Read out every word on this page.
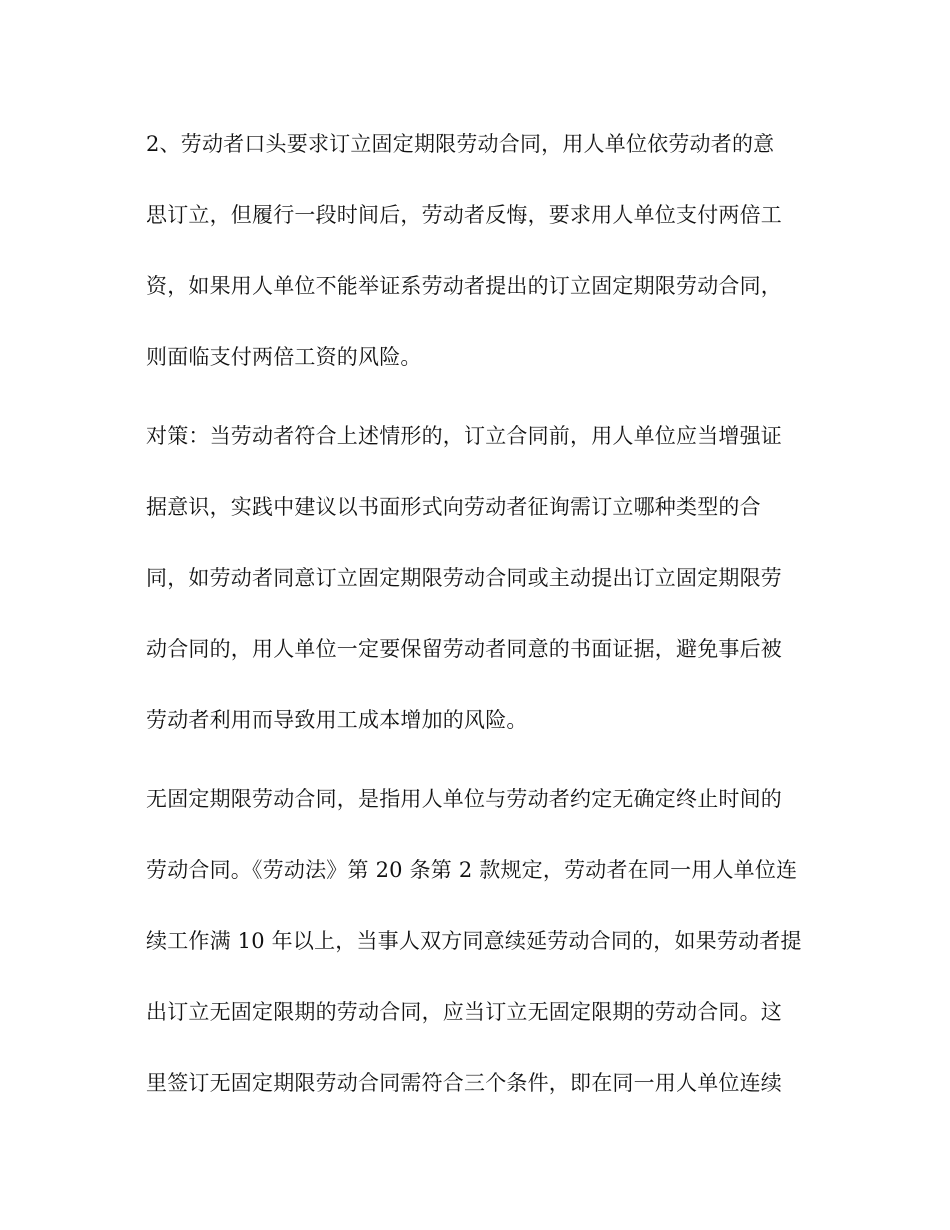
2、劳动者口头要求订立固定期限劳动合同，用人单位依劳动者的意

思订立，但履行一段时间后，劳动者反悔，要求用人单位支付两倍工

资，如果用人单位不能举证系劳动者提出的订立固定期限劳动合同，

则面临支付两倍工资的风险。

对策：当劳动者符合上述情形的，订立合同前，用人单位应当增强证

据意识，实践中建议以书面形式向劳动者征询需订立哪种类型的合

同，如劳动者同意订立固定期限劳动合同或主动提出订立固定期限劳

动合同的，用人单位一定要保留劳动者同意的书面证据，避免事后被

劳动者利用而导致用工成本增加的风险。

无固定期限劳动合同，是指用人单位与劳动者约定无确定终止时间的

劳动合同。《劳动法》第 20 条第 2 款规定，劳动者在同一用人单位连

续工作满 10 年以上，当事人双方同意续延劳动合同的，如果劳动者提

出订立无固定限期的劳动合同，应当订立无固定限期的劳动合同。这

里签订无固定期限劳动合同需符合三个条件，即在同一用人单位连续
